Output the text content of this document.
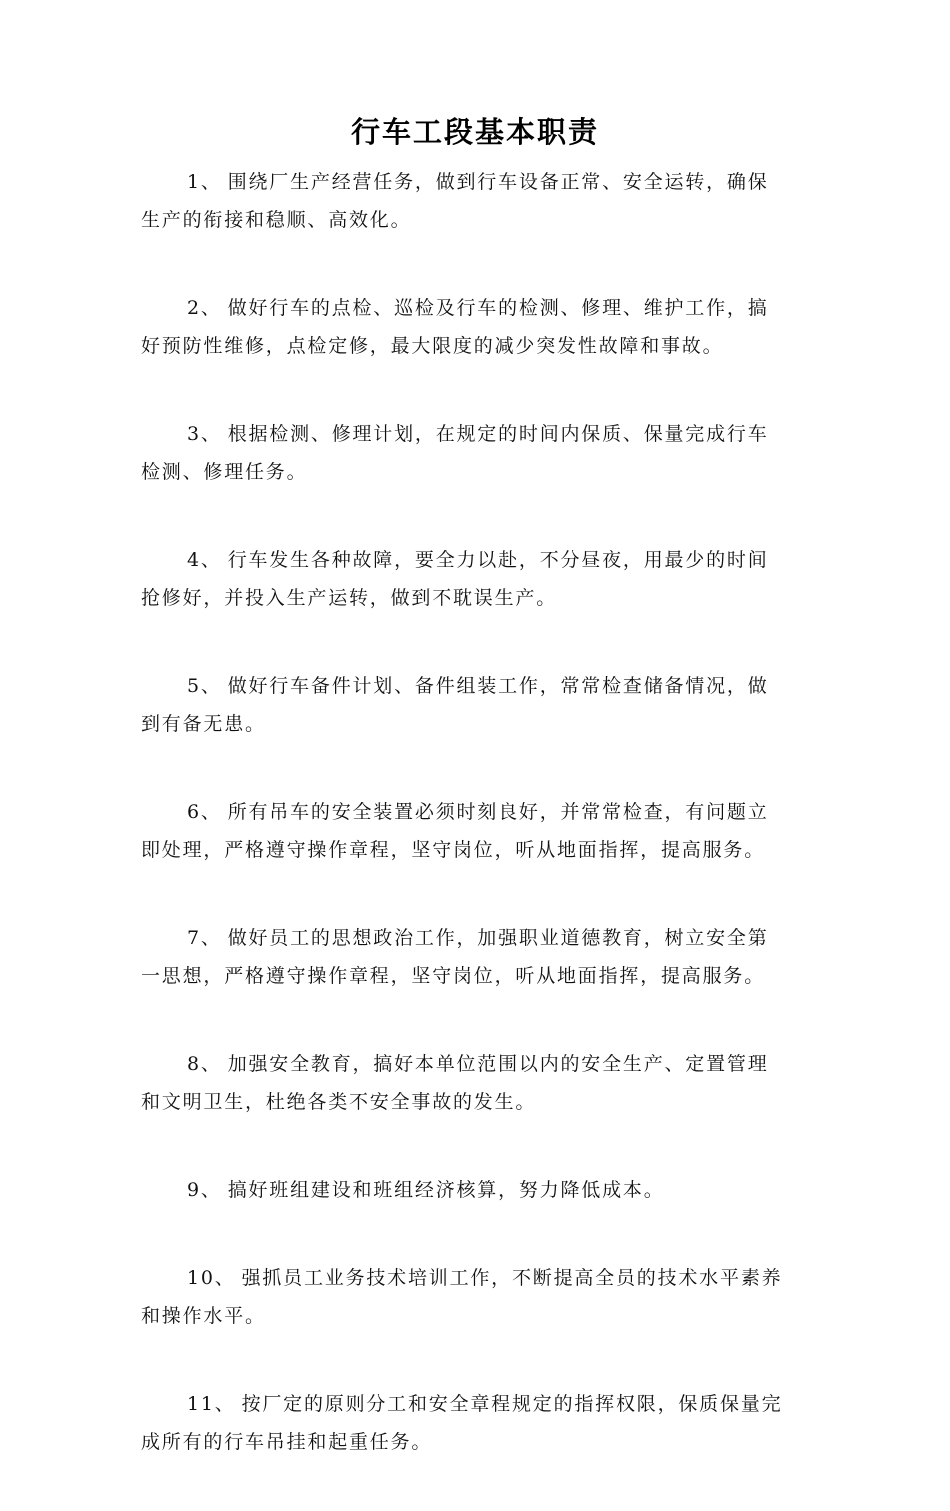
行车工段基本职责
1、 围绕厂生产经营任务，做到行车设备正常、安全运转，确保
生产的衔接和稳顺、高效化。
2、 做好行车的点检、巡检及行车的检测、修理、维护工作，搞
好预防性维修，点检定修，最大限度的减少突发性故障和事故。
3、 根据检测、修理计划，在规定的时间内保质、保量完成行车
检测、修理任务。
4、 行车发生各种故障，要全力以赴，不分昼夜，用最少的时间
抢修好，并投入生产运转，做到不耽误生产。
5、 做好行车备件计划、备件组装工作，常常检查储备情况，做
到有备无患。
6、 所有吊车的安全装置必须时刻良好，并常常检查，有问题立
即处理，严格遵守操作章程，坚守岗位，听从地面指挥，提高服务。
7、 做好员工的思想政治工作，加强职业道德教育，树立安全第
一思想，严格遵守操作章程，坚守岗位，听从地面指挥，提高服务。
8、 加强安全教育，搞好本单位范围以内的安全生产、定置管理
和文明卫生，杜绝各类不安全事故的发生。
9、 搞好班组建设和班组经济核算，努力降低成本。
10、 强抓员工业务技术培训工作，不断提高全员的技术水平素养
和操作水平。
11、 按厂定的原则分工和安全章程规定的指挥权限，保质保量完
成所有的行车吊挂和起重任务。
